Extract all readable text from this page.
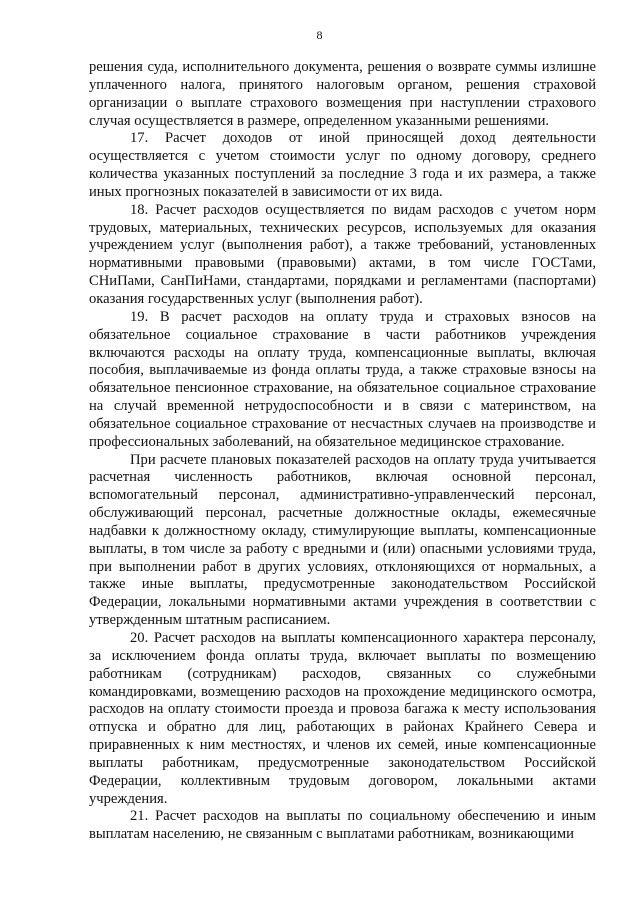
8

решения суда, исполнительного документа, решения о возврате суммы излишне уплаченного налога, принятого налоговым органом, решения страховой организации о выплате страхового возмещения при наступлении страхового случая осуществляется в размере, определенном указанными решениями.

17. Расчет доходов от иной приносящей доход деятельности осуществляется с учетом стоимости услуг по одному договору, среднего количества указанных поступлений за последние 3 года и их размера, а также иных прогнозных показателей в зависимости от их вида.

18. Расчет расходов осуществляется по видам расходов с учетом норм трудовых, материальных, технических ресурсов, используемых для оказания учреждением услуг (выполнения работ), а также требований, установленных нормативными правовыми (правовыми) актами, в том числе ГОСТами, СНиПами, СанПиНами, стандартами, порядками и регламентами (паспортами) оказания государственных услуг (выполнения работ).

19. В расчет расходов на оплату труда и страховых взносов на обязательное социальное страхование в части работников учреждения включаются расходы на оплату труда, компенсационные выплаты, включая пособия, выплачиваемые из фонда оплаты труда, а также страховые взносы на обязательное пенсионное страхование, на обязательное социальное страхование на случай временной нетрудоспособности и в связи с материнством, на обязательное социальное страхование от несчастных случаев на производстве и профессиональных заболеваний, на обязательное медицинское страхование.

При расчете плановых показателей расходов на оплату труда учитывается расчетная численность работников, включая основной персонал, вспомогательный персонал, административно-управленческий персонал, обслуживающий персонал, расчетные должностные оклады, ежемесячные надбавки к должностному окладу, стимулирующие выплаты, компенсационные выплаты, в том числе за работу с вредными и (или) опасными условиями труда, при выполнении работ в других условиях, отклоняющихся от нормальных, а также иные выплаты, предусмотренные законодательством Российской Федерации, локальными нормативными актами учреждения в соответствии с утвержденным штатным расписанием.

20. Расчет расходов на выплаты компенсационного характера персоналу, за исключением фонда оплаты труда, включает выплаты по возмещению работникам (сотрудникам) расходов, связанных со служебными командировками, возмещению расходов на прохождение медицинского осмотра, расходов на оплату стоимости проезда и провоза багажа к месту использования отпуска и обратно для лиц, работающих в районах Крайнего Севера и приравненных к ним местностях, и членов их семей, иные компенсационные выплаты работникам, предусмотренные законодательством Российской Федерации, коллективным трудовым договором, локальными актами учреждения.

21. Расчет расходов на выплаты по социальному обеспечению и иным выплатам населению, не связанным с выплатами работникам, возникающими
